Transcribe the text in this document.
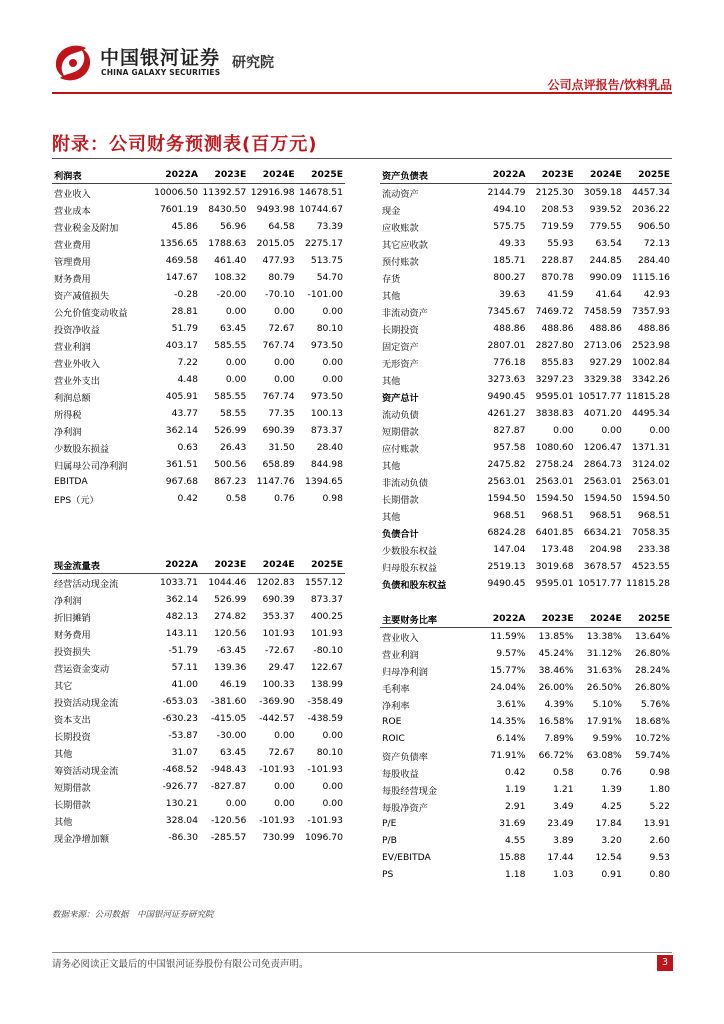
中国银河证券
CHINA GALAXY SECURITIES
研究院
公司点评报告/饮料乳品
附录：公司财务预测表(百万元)
利润表	2022A	2023E	2024E	2025E
营业收入	10006.50	11392.57	12916.98	14678.51
营业成本	7601.19	8430.50	9493.98	10744.67
营业税金及附加	45.86	56.96	64.58	73.39
营业费用	1356.65	1788.63	2015.05	2275.17
管理费用	469.58	461.40	477.93	513.75
财务费用	147.67	108.32	80.79	54.70
资产减值损失	-0.28	-20.00	-70.10	-101.00
公允价值变动收益	28.81	0.00	0.00	0.00
投资净收益	51.79	63.45	72.67	80.10
营业利润	403.17	585.55	767.74	973.50
营业外收入	7.22	0.00	0.00	0.00
营业外支出	4.48	0.00	0.00	0.00
利润总额	405.91	585.55	767.74	973.50
所得税	43.77	58.55	77.35	100.13
净利润	362.14	526.99	690.39	873.37
少数股东损益	0.63	26.43	31.50	28.40
归属母公司净利润	361.51	500.56	658.89	844.98
EBITDA	967.68	867.23	1147.76	1394.65
EPS（元）	0.42	0.58	0.76	0.98
资产负债表	2022A	2023E	2024E	2025E
流动资产	2144.79	2125.30	3059.18	4457.34
现金	494.10	208.53	939.52	2036.22
应收账款	575.75	719.59	779.55	906.50
其它应收款	49.33	55.93	63.54	72.13
预付账款	185.71	228.87	244.85	284.40
存货	800.27	870.78	990.09	1115.16
其他	39.63	41.59	41.64	42.93
非流动资产	7345.67	7469.72	7458.59	7357.93
长期投资	488.86	488.86	488.86	488.86
固定资产	2807.01	2827.80	2713.06	2523.98
无形资产	776.18	855.83	927.29	1002.84
其他	3273.63	3297.23	3329.38	3342.26
资产总计	9490.45	9595.01	10517.77	11815.28
流动负债	4261.27	3838.83	4071.20	4495.34
短期借款	827.87	0.00	0.00	0.00
应付账款	957.58	1080.60	1206.47	1371.31
其他	2475.82	2758.24	2864.73	3124.02
非流动负债	2563.01	2563.01	2563.01	2563.01
长期借款	1594.50	1594.50	1594.50	1594.50
其他	968.51	968.51	968.51	968.51
负债合计	6824.28	6401.85	6634.21	7058.35
少数股东权益	147.04	173.48	204.98	233.38
归母股东权益	2519.13	3019.68	3678.57	4523.55
负债和股东权益	9490.45	9595.01	10517.77	11815.28
现金流量表	2022A	2023E	2024E	2025E
经营活动现金流	1033.71	1044.46	1202.83	1557.12
净利润	362.14	526.99	690.39	873.37
折旧摊销	482.13	274.82	353.37	400.25
财务费用	143.11	120.56	101.93	101.93
投资损失	-51.79	-63.45	-72.67	-80.10
营运资金变动	57.11	139.36	29.47	122.67
其它	41.00	46.19	100.33	138.99
投资活动现金流	-653.03	-381.60	-369.90	-358.49
资本支出	-630.23	-415.05	-442.57	-438.59
长期投资	-53.87	-30.00	0.00	0.00
其他	31.07	63.45	72.67	80.10
筹资活动现金流	-468.52	-948.43	-101.93	-101.93
短期借款	-926.77	-827.87	0.00	0.00
长期借款	130.21	0.00	0.00	0.00
其他	328.04	-120.56	-101.93	-101.93
现金净增加额	-86.30	-285.57	730.99	1096.70
主要财务比率	2022A	2023E	2024E	2025E
营业收入	11.59%	13.85%	13.38%	13.64%
营业利润	9.57%	45.24%	31.12%	26.80%
归母净利润	15.77%	38.46%	31.63%	28.24%
毛利率	24.04%	26.00%	26.50%	26.80%
净利率	3.61%	4.39%	5.10%	5.76%
ROE	14.35%	16.58%	17.91%	18.68%
ROIC	6.14%	7.89%	9.59%	10.72%
资产负债率	71.91%	66.72%	63.08%	59.74%
每股收益	0.42	0.58	0.76	0.98
每股经营现金	1.19	1.21	1.39	1.80
每股净资产	2.91	3.49	4.25	5.22
P/E	31.69	23.49	17.84	13.91
P/B	4.55	3.89	3.20	2.60
EV/EBITDA	15.88	17.44	12.54	9.53
PS	1.18	1.03	0.91	0.80
数据来源：公司数据　中国银河证券研究院
请务必阅读正文最后的中国银河证券股份有限公司免责声明。	3
